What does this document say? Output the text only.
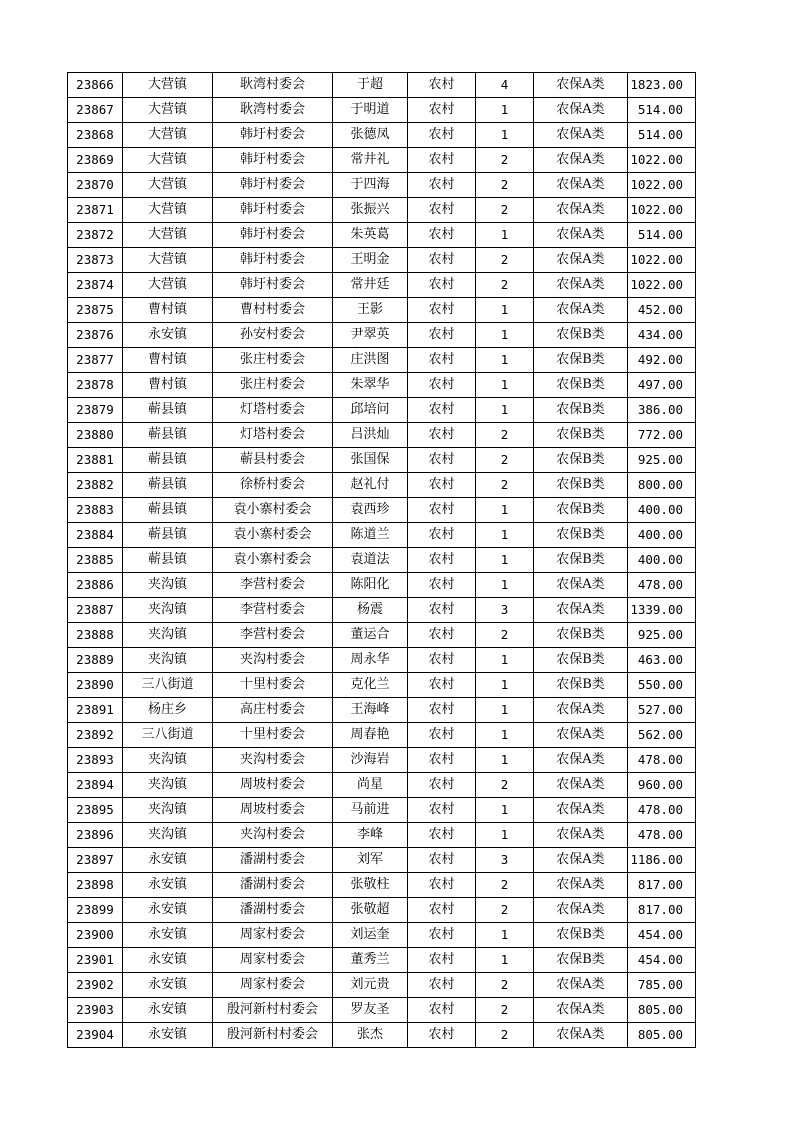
23866	大营镇	耿湾村委会	于超	农村	4	农保A类	1823.00
23867	大营镇	耿湾村委会	于明道	农村	1	农保A类	514.00
23868	大营镇	韩圩村委会	张德凤	农村	1	农保A类	514.00
23869	大营镇	韩圩村委会	常井礼	农村	2	农保A类	1022.00
23870	大营镇	韩圩村委会	于四海	农村	2	农保A类	1022.00
23871	大营镇	韩圩村委会	张振兴	农村	2	农保A类	1022.00
23872	大营镇	韩圩村委会	朱英葛	农村	1	农保A类	514.00
23873	大营镇	韩圩村委会	王明金	农村	2	农保A类	1022.00
23874	大营镇	韩圩村委会	常井廷	农村	2	农保A类	1022.00
23875	曹村镇	曹村村委会	王影	农村	1	农保A类	452.00
23876	永安镇	孙安村委会	尹翠英	农村	1	农保B类	434.00
23877	曹村镇	张庄村委会	庄洪图	农村	1	农保B类	492.00
23878	曹村镇	张庄村委会	朱翠华	农村	1	农保B类	497.00
23879	蕲县镇	灯塔村委会	邱培问	农村	1	农保B类	386.00
23880	蕲县镇	灯塔村委会	吕洪灿	农村	2	农保B类	772.00
23881	蕲县镇	蕲县村委会	张国保	农村	2	农保B类	925.00
23882	蕲县镇	徐桥村委会	赵礼付	农村	2	农保B类	800.00
23883	蕲县镇	袁小寨村委会	袁西珍	农村	1	农保B类	400.00
23884	蕲县镇	袁小寨村委会	陈道兰	农村	1	农保B类	400.00
23885	蕲县镇	袁小寨村委会	袁道法	农村	1	农保B类	400.00
23886	夹沟镇	李营村委会	陈阳化	农村	1	农保A类	478.00
23887	夹沟镇	李营村委会	杨震	农村	3	农保A类	1339.00
23888	夹沟镇	李营村委会	董运合	农村	2	农保B类	925.00
23889	夹沟镇	夹沟村委会	周永华	农村	1	农保B类	463.00
23890	三八街道	十里村委会	克化兰	农村	1	农保B类	550.00
23891	杨庄乡	高庄村委会	王海峰	农村	1	农保A类	527.00
23892	三八街道	十里村委会	周春艳	农村	1	农保A类	562.00
23893	夹沟镇	夹沟村委会	沙海岩	农村	1	农保A类	478.00
23894	夹沟镇	周坡村委会	尚星	农村	2	农保A类	960.00
23895	夹沟镇	周坡村委会	马前进	农村	1	农保A类	478.00
23896	夹沟镇	夹沟村委会	李峰	农村	1	农保A类	478.00
23897	永安镇	潘湖村委会	刘军	农村	3	农保A类	1186.00
23898	永安镇	潘湖村委会	张敬柱	农村	2	农保A类	817.00
23899	永安镇	潘湖村委会	张敬超	农村	2	农保A类	817.00
23900	永安镇	周家村委会	刘运奎	农村	1	农保B类	454.00
23901	永安镇	周家村委会	董秀兰	农村	1	农保B类	454.00
23902	永安镇	周家村委会	刘元贵	农村	2	农保A类	785.00
23903	永安镇	殷河新村村委会	罗友圣	农村	2	农保A类	805.00
23904	永安镇	殷河新村村委会	张杰	农村	2	农保A类	805.00
